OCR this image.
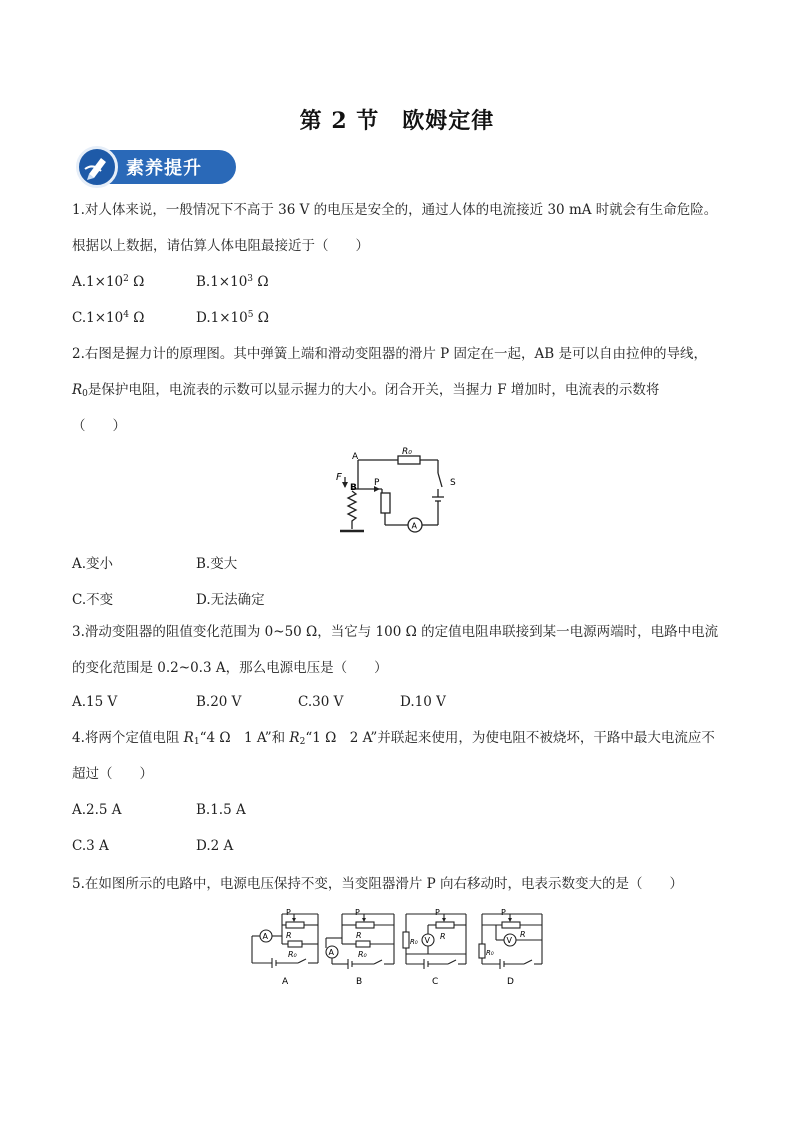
第 2 节　欧姆定律
素养提升
1.对人体来说，一般情况下不高于 36 V 的电压是安全的，通过人体的电流接近 30 mA 时就会有生命危险。
根据以上数据，请估算人体电阻最接近于（　　）
$A.1\times 10^2$ Ω	$B.1\times 10^3$ Ω
$C.1\times 10^4$ Ω	$D.1\times 10^5$ Ω
2.右图是握力计的原理图。其中弹簧上端和滑动变阻器的滑片 P 固定在一起，AB 是可以自由拉伸的导线，
$R_0$是保护电阻，电流表的示数可以显示握力的大小。闭合开关，当握力 F 增加时，电流表的示数将
（　　）
A
B
F	P
R₀
S
A
A.变小	B.变大
C.不变	D.无法确定
3.滑动变阻器的阻值变化范围为 0~50 Ω，当它与 100 Ω 的定值电阻串联接到某一电源两端时，电路中电流
的变化范围是 0.2~0.3 A，那么电源电压是（　　）
A.15 V	B.20 V	C.30 V	D.10 V
4.将两个定值电阻 $R_1“4$ Ω　1 A”和 $R_2“1$ Ω　2 A”并联起来使用，为使电阻不被烧坏，干路中最大电流应不
超过（　　）
A.2.5 A	B.1.5 A
C.3 A	D.2 A
5.在如图所示的电路中，电源电压保持不变，当变阻器滑片 P 向右移动时，电表示数变大的是（　　）
P
R
R₀
A
A
P
R
R₀
A
B
P
R
R₀ V
C
P
R
R₀
V
D
